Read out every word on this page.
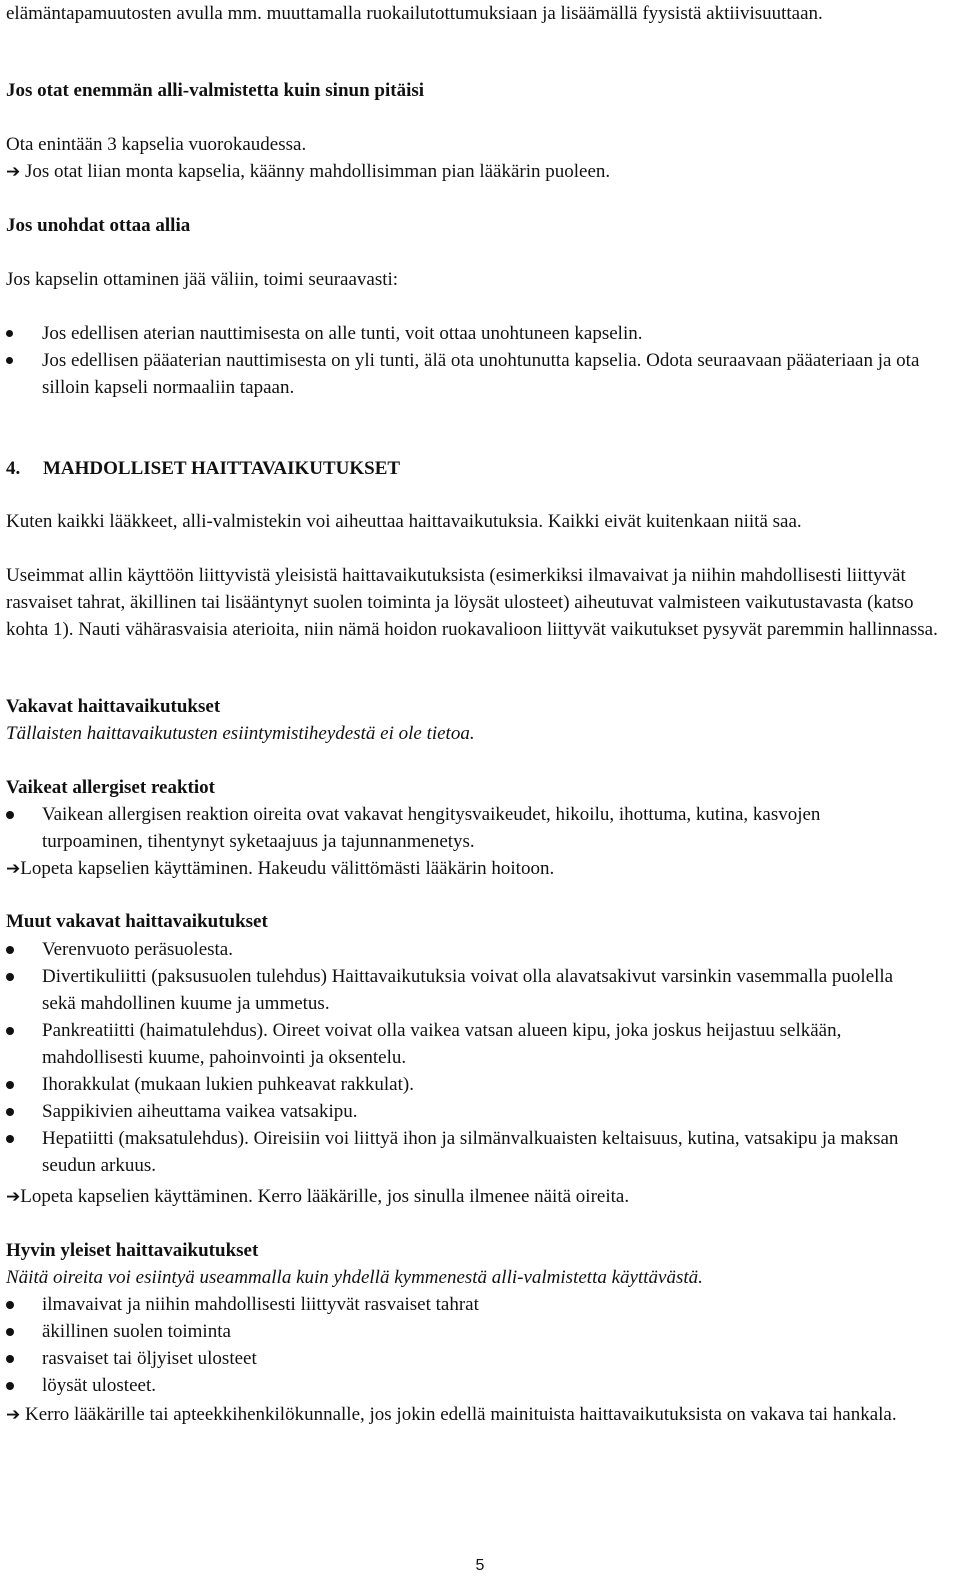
elämäntapamuutosten avulla mm. muuttamalla ruokailutottumuksiaan ja lisäämällä fyysistä aktiivisuuttaan.

Jos otat enemmän alli-valmistetta kuin sinun pitäisi

Ota enintään 3 kapselia vuorokaudessa.

➔ Jos otat liian monta kapselia, käänny mahdollisimman pian lääkärin puoleen.

Jos unohdat ottaa allia

Jos kapselin ottaminen jää väliin, toimi seuraavasti:

Jos edellisen aterian nauttimisesta on alle tunti, voit ottaa unohtuneen kapselin.
Jos edellisen pääaterian nauttimisesta on yli tunti, älä ota unohtunutta kapselia. Odota seuraavaan pääateriaan ja ota silloin kapseli normaaliin tapaan.

4. MAHDOLLISET HAITTAVAIKUTUKSET

Kuten kaikki lääkkeet, alli-valmistekin voi aiheuttaa haittavaikutuksia. Kaikki eivät kuitenkaan niitä saa.

Useimmat allin käyttöön liittyvistä yleisistä haittavaikutuksista (esimerkiksi ilmavaivat ja niihin mahdollisesti liittyvät rasvaiset tahrat, äkillinen tai lisääntynyt suolen toiminta ja löysät ulosteet) aiheutuvat valmisteen vaikutustavasta (katso kohta 1). Nauti vähärasvaisia aterioita, niin nämä hoidon ruokavalioon liittyvät vaikutukset pysyvät paremmin hallinnassa.

Vakavat haittavaikutukset

Tällaisten haittavaikutusten esiintymistiheydestä ei ole tietoa.

Vaikeat allergiset reaktiot

Vaikean allergisen reaktion oireita ovat vakavat hengitysvaikeudet, hikoilu, ihottuma, kutina, kasvojen turpoaminen, tihentynyt syketaajuus ja tajunnanmenetys.

➔Lopeta kapselien käyttäminen. Hakeudu välittömästi lääkärin hoitoon.

Muut vakavat haittavaikutukset

Verenvuoto peräsuolesta.
Divertikuliitti (paksusuolen tulehdus) Haittavaikutuksia voivat olla alavatsakivut varsinkin vasemmalla puolella sekä mahdollinen kuume ja ummetus.
Pankreatiitti (haimatulehdus). Oireet voivat olla vaikea vatsan alueen kipu, joka joskus heijastuu selkään, mahdollisesti kuume, pahoinvointi ja oksentelu.
Ihorakkulat (mukaan lukien puhkeavat rakkulat).
Sappikivien aiheuttama vaikea vatsakipu.
Hepatiitti (maksatulehdus). Oireisiin voi liittyä ihon ja silmänvalkuaisten keltaisuus, kutina, vatsakipu ja maksan seudun arkuus.

➔Lopeta kapselien käyttäminen. Kerro lääkärille, jos sinulla ilmenee näitä oireita.

Hyvin yleiset haittavaikutukset

Näitä oireita voi esiintyä useammalla kuin yhdellä kymmenestä alli-valmistetta käyttävästä.

ilmavaivat ja niihin mahdollisesti liittyvät rasvaiset tahrat
äkillinen suolen toiminta
rasvaiset tai öljyiset ulosteet
löysät ulosteet.

➔ Kerro lääkärille tai apteekkihenkilökunnalle, jos jokin edellä mainituista haittavaikutuksista on vakava tai hankala.

5
